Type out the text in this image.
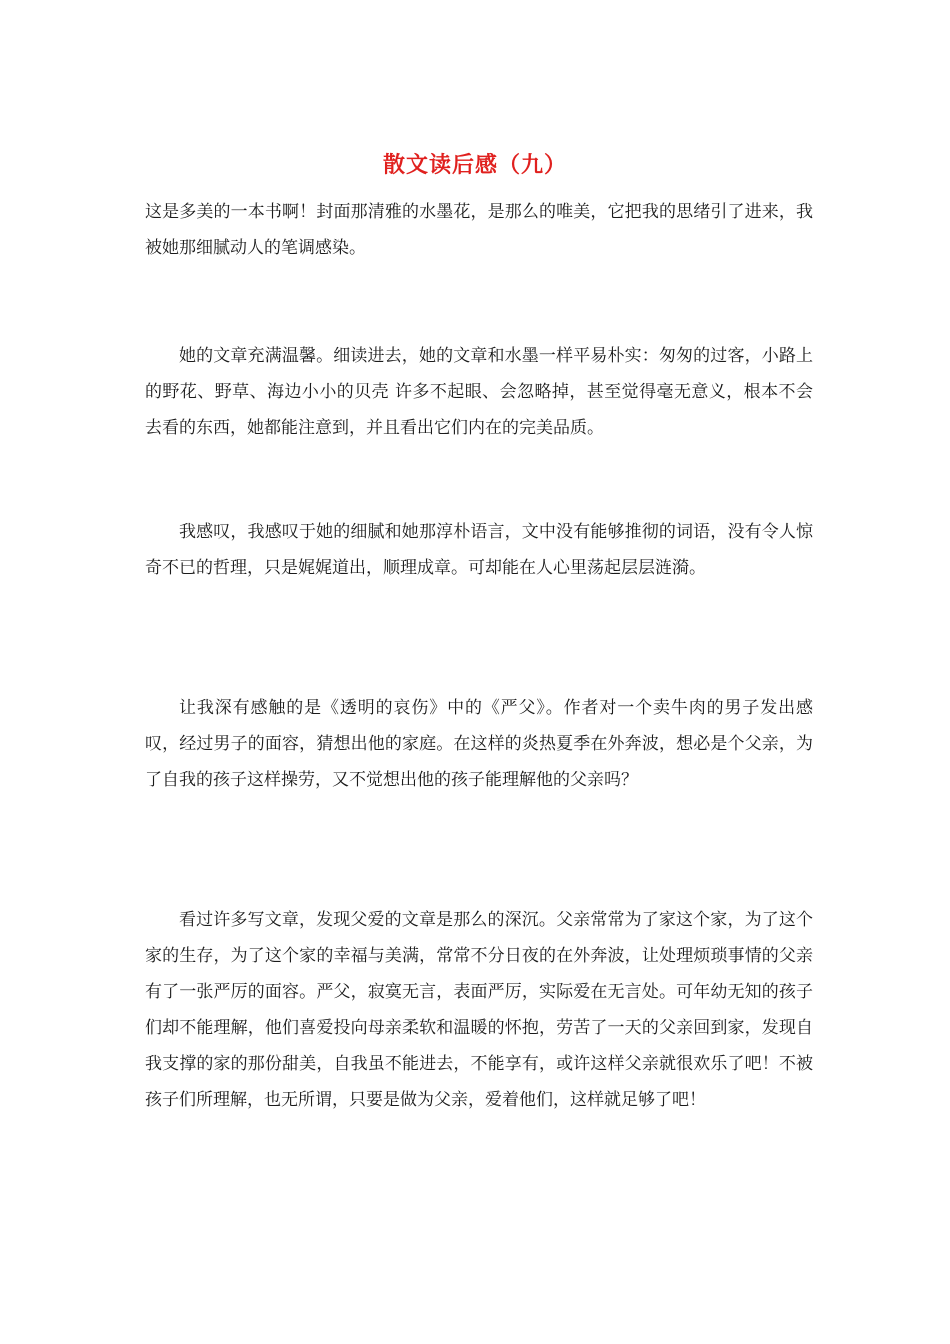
散文读后感（九）

这是多美的一本书啊！封面那清雅的水墨花，是那么的唯美，它把我的思绪引了进来，我被她那细腻动人的笔调感染。

她的文章充满温馨。细读进去，她的文章和水墨一样平易朴实：匆匆的过客，小路上的野花、野草、海边小小的贝壳 许多不起眼、会忽略掉，甚至觉得毫无意义，根本不会去看的东西，她都能注意到，并且看出它们内在的完美品质。

我感叹，我感叹于她的细腻和她那淳朴语言，文中没有能够推彻的词语，没有令人惊奇不已的哲理，只是娓娓道出，顺理成章。可却能在人心里荡起层层涟漪。

让我深有感触的是《透明的哀伤》中的《严父》。作者对一个卖牛肉的男子发出感叹，经过男子的面容，猜想出他的家庭。在这样的炎热夏季在外奔波，想必是个父亲，为了自我的孩子这样操劳，又不觉想出他的孩子能理解他的父亲吗？

看过许多写文章，发现父爱的文章是那么的深沉。父亲常常为了家这个家，为了这个家的生存，为了这个家的幸福与美满，常常不分日夜的在外奔波，让处理烦琐事情的父亲有了一张严厉的面容。严父，寂寞无言，表面严厉，实际爱在无言处。可年幼无知的孩子们却不能理解，他们喜爱投向母亲柔软和温暖的怀抱，劳苦了一天的父亲回到家，发现自我支撑的家的那份甜美，自我虽不能进去，不能享有，或许这样父亲就很欢乐了吧！不被孩子们所理解，也无所谓，只要是做为父亲，爱着他们，这样就足够了吧！
